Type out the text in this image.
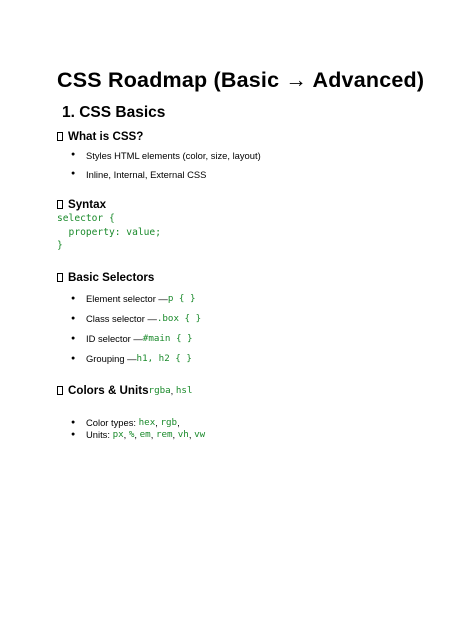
CSS Roadmap (Basic → Advanced)
1. CSS Basics
What is CSS?
● Styles HTML elements (color, size, layout)
● Inline, Internal, External CSS
Syntax
selector {
property: value;
}
Basic Selectors
● Element selector — p { }
● Class selector — .box { }
● ID selector — #main { }
● Grouping — h1, h2 { }
Colors & Units rgba , hsl
● Color types: hex , rgb ,
● Units: px , % , em , rem , vh , vw
